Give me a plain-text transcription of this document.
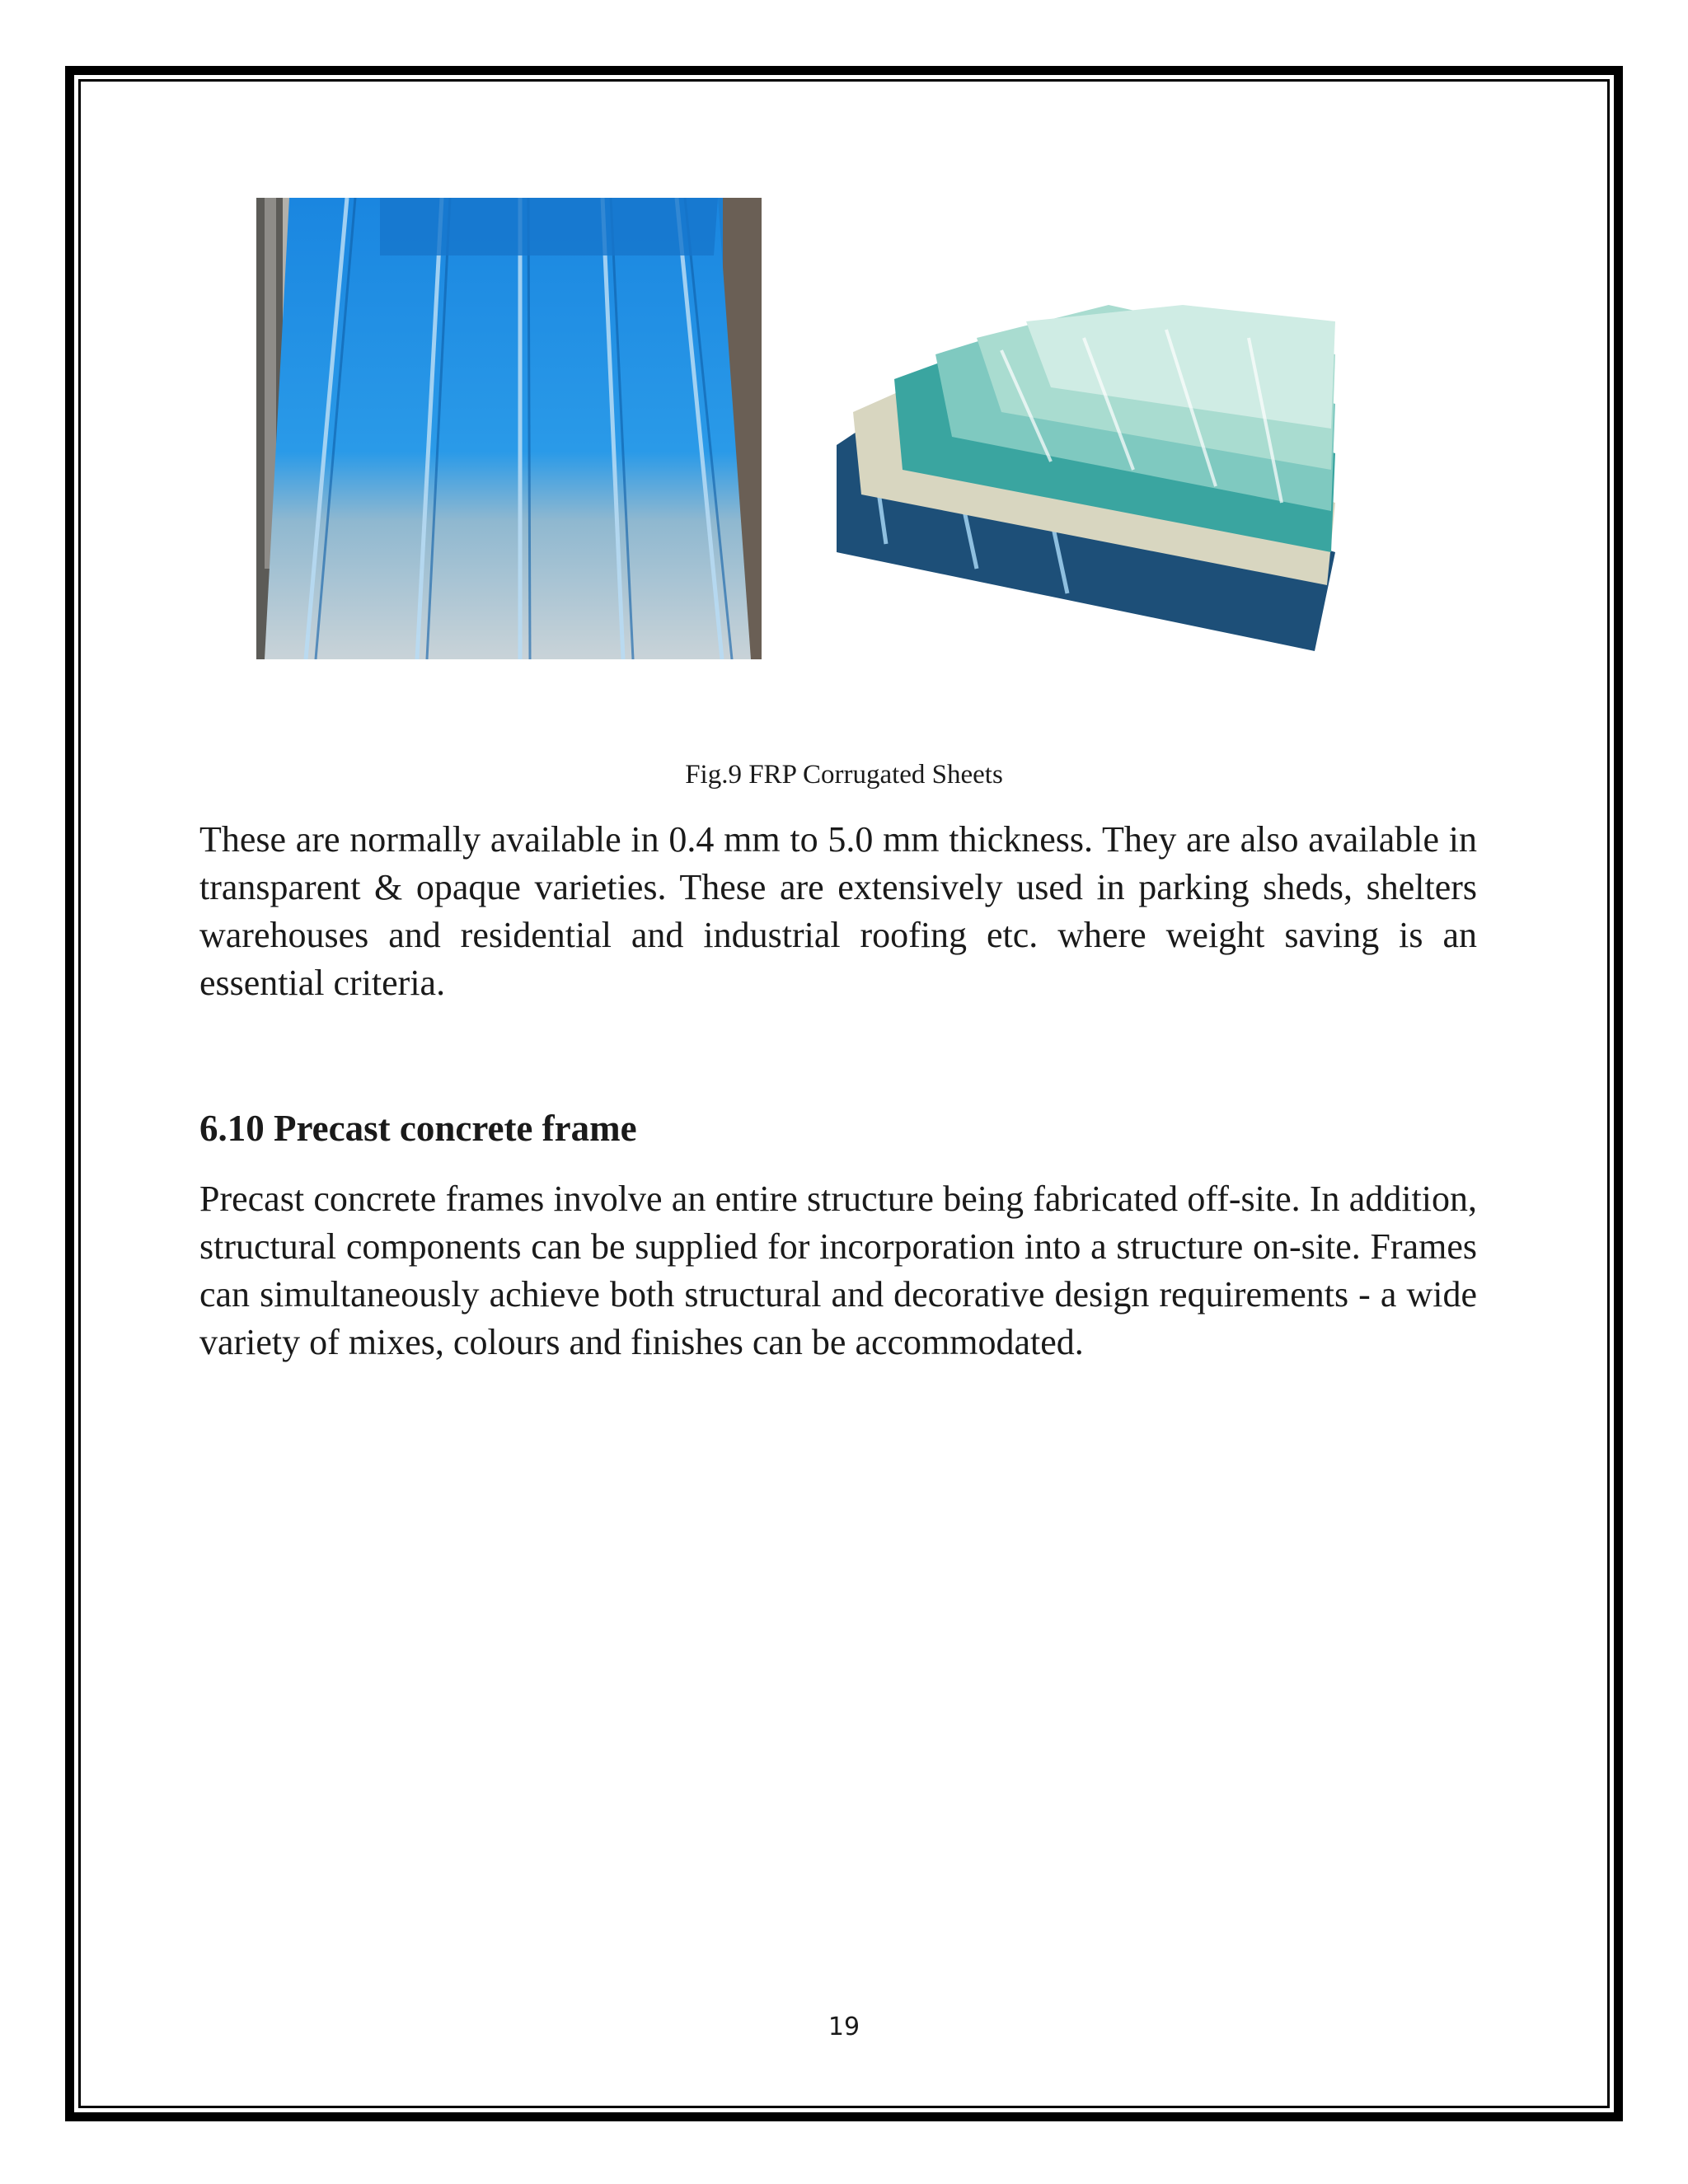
Fig.9 FRP Corrugated Sheets

These are normally available in 0.4 mm to 5.0 mm thickness. They are also available in transparent & opaque varieties. These are extensively used in parking sheds, shelters warehouses and residential and industrial roofing etc. where weight saving is an essential criteria.

6.10 Precast concrete frame

Precast concrete frames involve an entire structure being fabricated off-site. In addition, structural components can be supplied for incorporation into a structure on-site. Frames can simultaneously achieve both structural and decorative design requirements - a wide variety of mixes, colours and finishes can be accommodated.

19
